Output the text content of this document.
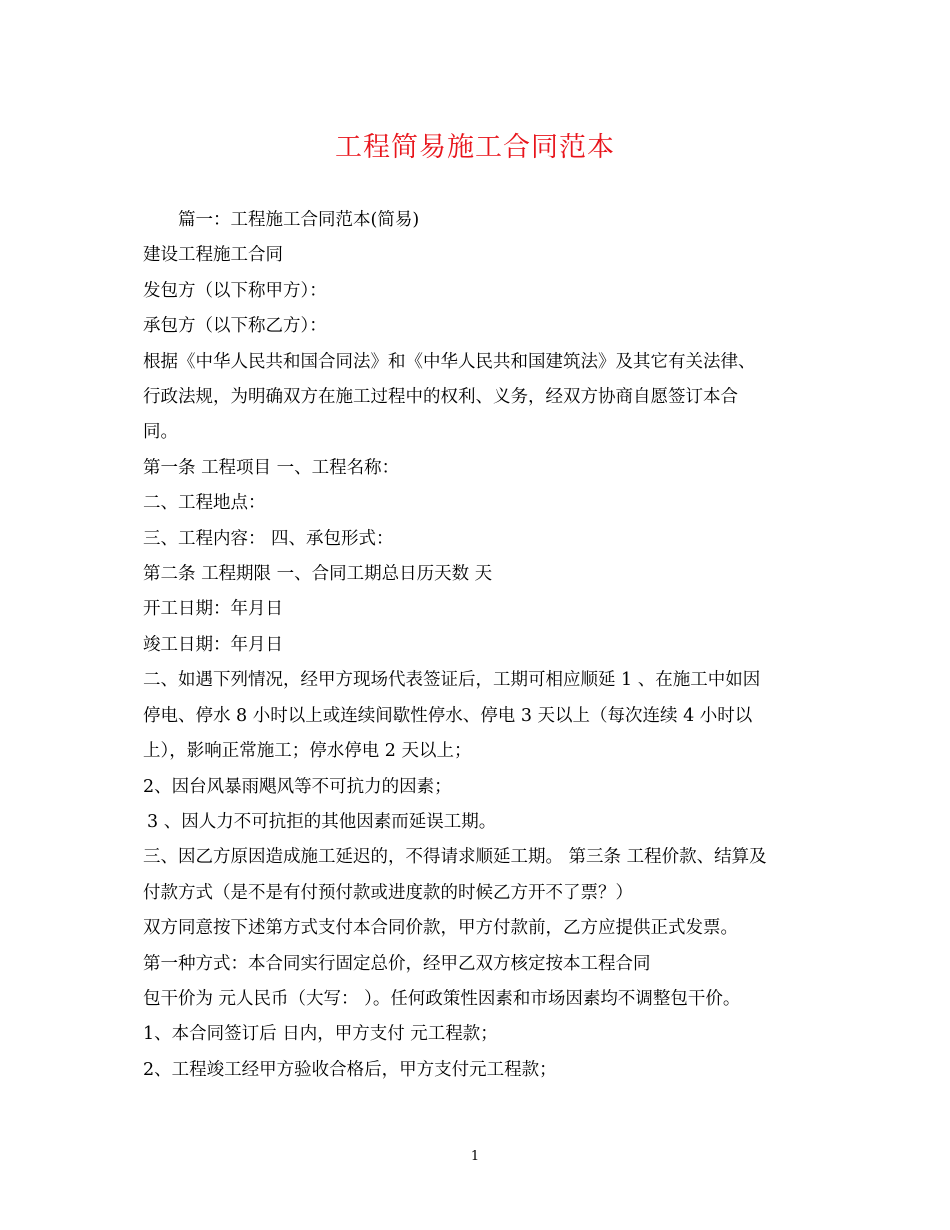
工程简易施工合同范本
篇一：工程施工合同范本(简易)
建设工程施工合同
发包方（以下称甲方）：
承包方（以下称乙方）：
根据《中华人民共和国合同法》和《中华人民共和国建筑法》及其它有关法律、
行政法规，为明确双方在施工过程中的权利、义务，经双方协商自愿签订本合
同。
第一条 工程项目 一、工程名称：
二、工程地点：
三、工程内容： 四、承包形式：
第二条 工程期限 一、合同工期总日历天数 天
开工日期：年月日
竣工日期：年月日
二、如遇下列情况，经甲方现场代表签证后，工期可相应顺延 1 、在施工中如因
停电、停水 8 小时以上或连续间歇性停水、停电 3 天以上（每次连续 4 小时以
上），影响正常施工；停水停电 2 天以上；
2、因台风暴雨飓风等不可抗力的因素；
3 、因人力不可抗拒的其他因素而延误工期。
三、因乙方原因造成施工延迟的，不得请求顺延工期。 第三条 工程价款、结算及
付款方式（是不是有付预付款或进度款的时候乙方开不了票？）
双方同意按下述第方式支付本合同价款，甲方付款前，乙方应提供正式发票。
第一种方式：本合同实行固定总价，经甲乙双方核定按本工程合同
包干价为 元人民币（大写： ）。任何政策性因素和市场因素均不调整包干价。
1、本合同签订后 日内，甲方支付 元工程款；
2、工程竣工经甲方验收合格后，甲方支付元工程款；
1
